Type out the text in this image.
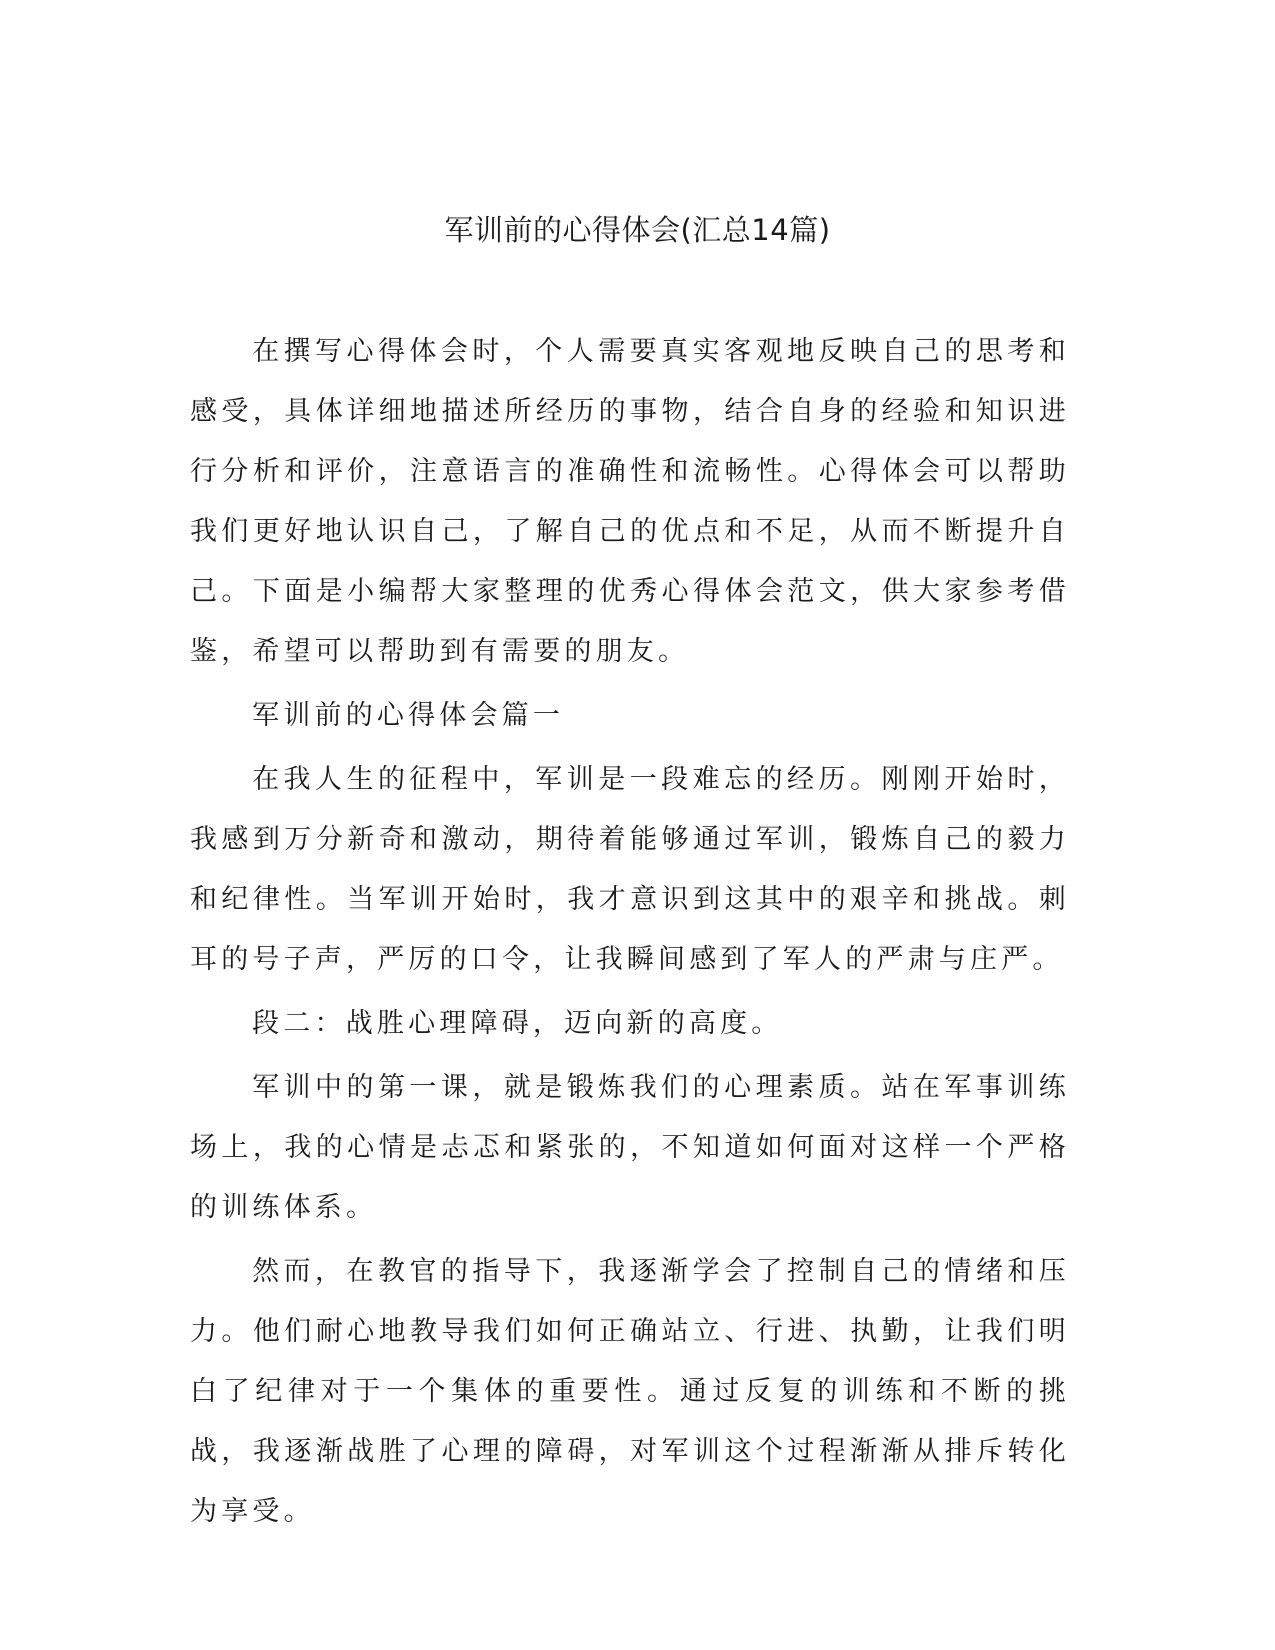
军训前的心得体会(汇总14篇)

在撰写心得体会时，个人需要真实客观地反映自己的思考和感受，具体详细地描述所经历的事物，结合自身的经验和知识进行分析和评价，注意语言的准确性和流畅性。心得体会可以帮助我们更好地认识自己，了解自己的优点和不足，从而不断提升自己。下面是小编帮大家整理的优秀心得体会范文，供大家参考借鉴，希望可以帮助到有需要的朋友。

军训前的心得体会篇一

在我人生的征程中，军训是一段难忘的经历。刚刚开始时，我感到万分新奇和激动，期待着能够通过军训，锻炼自己的毅力和纪律性。当军训开始时，我才意识到这其中的艰辛和挑战。刺耳的号子声，严厉的口令，让我瞬间感到了军人的严肃与庄严。

段二：战胜心理障碍，迈向新的高度。

军训中的第一课，就是锻炼我们的心理素质。站在军事训练场上，我的心情是忐忑和紧张的，不知道如何面对这样一个严格的训练体系。

然而，在教官的指导下，我逐渐学会了控制自己的情绪和压力。他们耐心地教导我们如何正确站立、行进、执勤，让我们明白了纪律对于一个集体的重要性。通过反复的训练和不断的挑战，我逐渐战胜了心理的障碍，对军训这个过程渐渐从排斥转化为享受。
